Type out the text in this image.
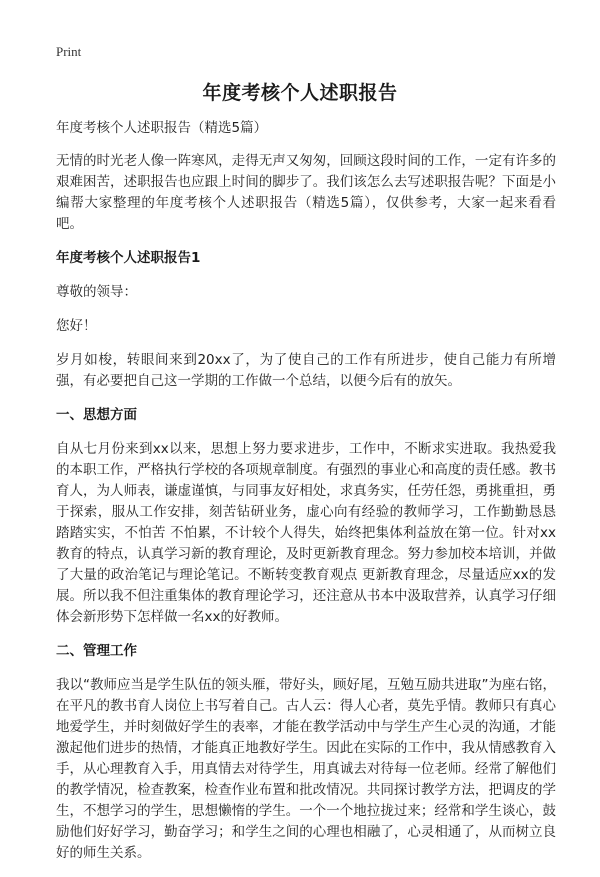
Print
年度考核个人述职报告

年度考核个人述职报告（精选5篇）

无情的时光老人像一阵寒风，走得无声又匆匆，回顾这段时间的工作，一定有许多的艰难困苦，述职报告也应跟上时间的脚步了。我们该怎么去写述职报告呢？下面是小编帮大家整理的年度考核个人述职报告（精选5篇），仅供参考，大家一起来看看吧。

年度考核个人述职报告1

尊敬的领导：

您好！

岁月如梭，转眼间来到20xx了，为了使自己的工作有所进步，使自己能力有所增强，有必要把自己这一学期的工作做一个总结，以便今后有的放矢。

一、思想方面

自从七月份来到xx以来，思想上努力要求进步，工作中，不断求实进取。我热爱我的本职工作，严格执行学校的各项规章制度。有强烈的事业心和高度的责任感。教书育人，为人师表，谦虚谨慎，与同事友好相处，求真务实，任劳任怨，勇挑重担，勇于探索，服从工作安排，刻苦钻研业务，虚心向有经验的教师学习，工作勤勤恳恳 踏踏实实，不怕苦 不怕累，不计较个人得失，始终把集体利益放在第一位。针对xx教育的特点，认真学习新的教育理论，及时更新教育理念。努力参加校本培训，并做了大量的政治笔记与理论笔记。不断转变教育观点 更新教育理念，尽量适应xx的发展。所以我不但注重集体的教育理论学习，还注意从书本中汲取营养，认真学习仔细体会新形势下怎样做一名xx的好教师。

二、管理工作

我以“教师应当是学生队伍的领头雁，带好头，顾好尾，互勉互励共进取”为座右铭，在平凡的教书育人岗位上书写着自己。古人云：得人心者，莫先乎情。教师只有真心地爱学生，并时刻做好学生的表率，才能在教学活动中与学生产生心灵的沟通，才能激起他们进步的热情，才能真正地教好学生。因此在实际的工作中，我从情感教育入手，从心理教育入手，用真情去对待学生，用真诚去对待每一位老师。经常了解他们的教学情况，检查教案，检查作业布置和批改情况。共同探讨教学方法，把调皮的学生，不想学习的学生，思想懒惰的学生。一个一个地拉拢过来；经常和学生谈心，鼓励他们好好学习，勤奋学习；和学生之间的心理也相融了，心灵相通了，从而树立良好的师生关系。
